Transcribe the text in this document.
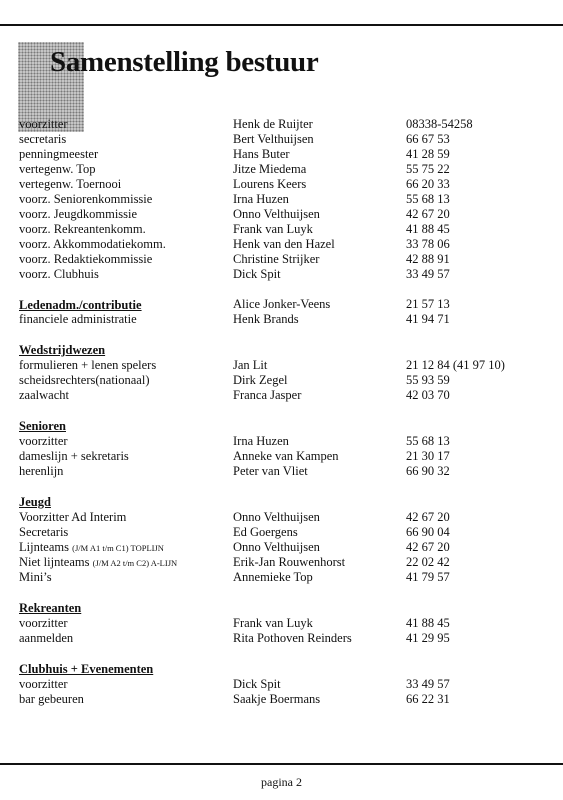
Samenstelling bestuur
voorzitter	Henk de Ruijter	08338-54258
secretaris	Bert Velthuijsen	66 67 53
penningmeester	Hans Buter	41 28 59
vertegenw. Top	Jitze Miedema	55 75 22
vertegenw. Toernooi	Lourens Keers	66 20 33
voorz. Seniorenkommissie	Irna Huzen	55 68 13
voorz. Jeugdkommissie	Onno Velthuijsen	42 67 20
voorz. Rekreantenkomm.	Frank van Luyk	41 88 45
voorz. Akkommodatiekomm.	Henk van den Hazel	33 78 06
voorz. Redaktiekommissie	Christine Strijker	42 88 91
voorz. Clubhuis	Dick Spit	33 49 57
Ledenadm./contributie	Alice Jonker-Veens	21 57 13
financiele administratie	Henk Brands	41 94 71
Wedstrijdwezen
formulieren + lenen spelers	Jan Lit	21 12 84 (41 97 10)
scheidsrechters(nationaal)	Dirk Zegel	55 93 59
zaalwacht	Franca Jasper	42 03 70
Senioren
voorzitter	Irna Huzen	55 68 13
dameslijn + sekretaris	Anneke van Kampen	21 30 17
herenlijn	Peter van Vliet	66 90 32
Jeugd
Voorzitter Ad Interim	Onno Velthuijsen	42 67 20
Secretaris	Ed Goergens	66 90 04
Lijnteams (J/M A1 t/m C1) TOPLIJN	Onno Velthuijsen	42 67 20
Niet lijnteams (J/M A2 t/m C2) A-LIJN	Erik-Jan Rouwenhorst	22 02 42
Mini’s	Annemieke Top	41 79 57
Rekreanten
voorzitter	Frank van Luyk	41 88 45
aanmelden	Rita Pothoven Reinders	41 29 95
Clubhuis + Evenementen
voorzitter	Dick Spit	33 49 57
bar gebeuren	Saakje Boermans	66 22 31
pagina 2
